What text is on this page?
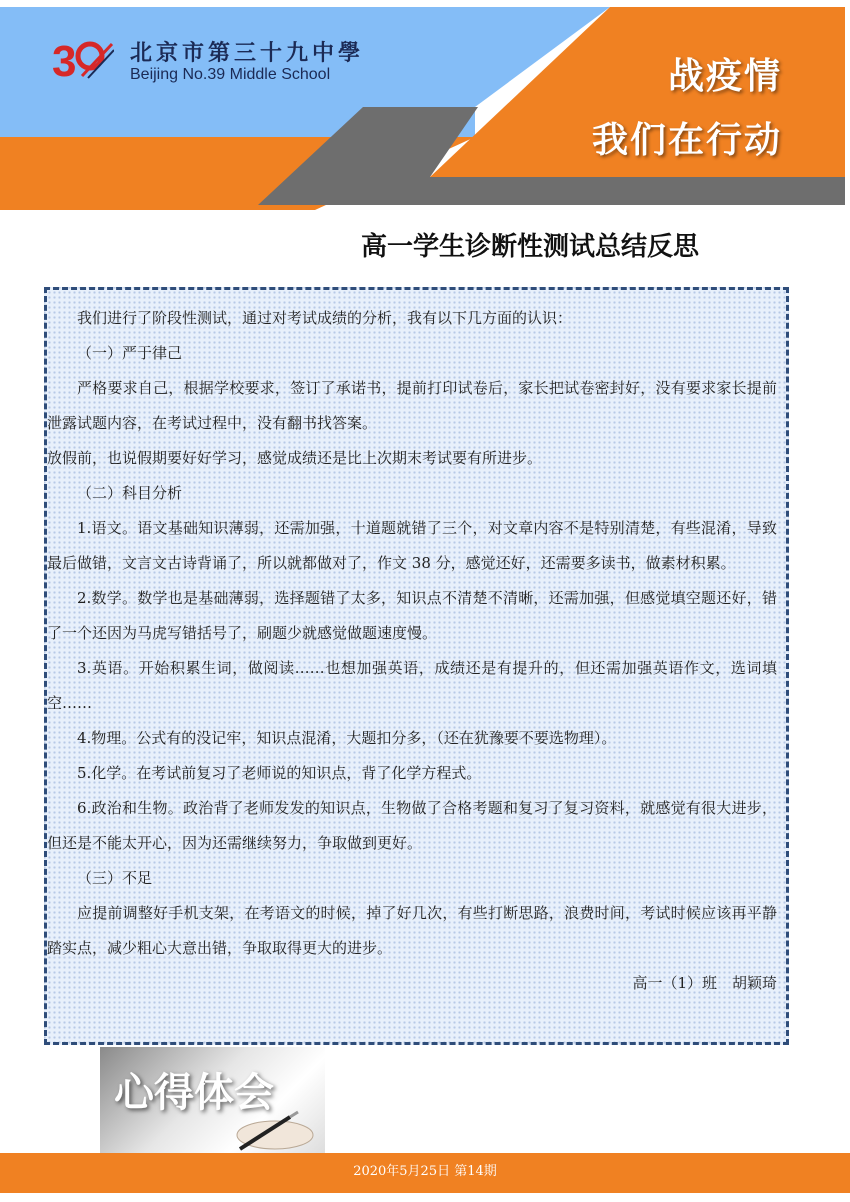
3 北京市第三十九中學
Beijing No.39 Middle School	战疫情
我们在行动
高一学生诊断性测试总结反思

我们进行了阶段性测试，通过对考试成绩的分析，我有以下几方面的认识：

（一）严于律己

严格要求自己，根据学校要求，签订了承诺书，提前打印试卷后，家长把试卷密封好，没有要求家长提前泄露试题内容，在考试过程中，没有翻书找答案。

放假前，也说假期要好好学习，感觉成绩还是比上次期末考试要有所进步。

（二）科目分析

1.语文。语文基础知识薄弱，还需加强，十道题就错了三个，对文章内容不是特别清楚，有些混淆，导致最后做错，文言文古诗背诵了，所以就都做对了，作文 38 分，感觉还好，还需要多读书，做素材积累。

2.数学。数学也是基础薄弱，选择题错了太多，知识点不清楚不清晰，还需加强，但感觉填空题还好，错了一个还因为马虎写错括号了，刷题少就感觉做题速度慢。

3.英语。开始积累生词，做阅读……也想加强英语，成绩还是有提升的，但还需加强英语作文，选词填空……

4.物理。公式有的没记牢，知识点混淆，大题扣分多，（还在犹豫要不要选物理）。

5.化学。在考试前复习了老师说的知识点，背了化学方程式。

6.政治和生物。政治背了老师发发的知识点，生物做了合格考题和复习了复习资料，就感觉有很大进步，但还是不能太开心，因为还需继续努力，争取做到更好。

（三）不足

应提前调整好手机支架，在考语文的时候，掉了好几次，有些打断思路，浪费时间，考试时候应该再平静踏实点，减少粗心大意出错，争取取得更大的进步。

高一（1）班　胡颖琦

心得体会
2020年5月25日 第14期
